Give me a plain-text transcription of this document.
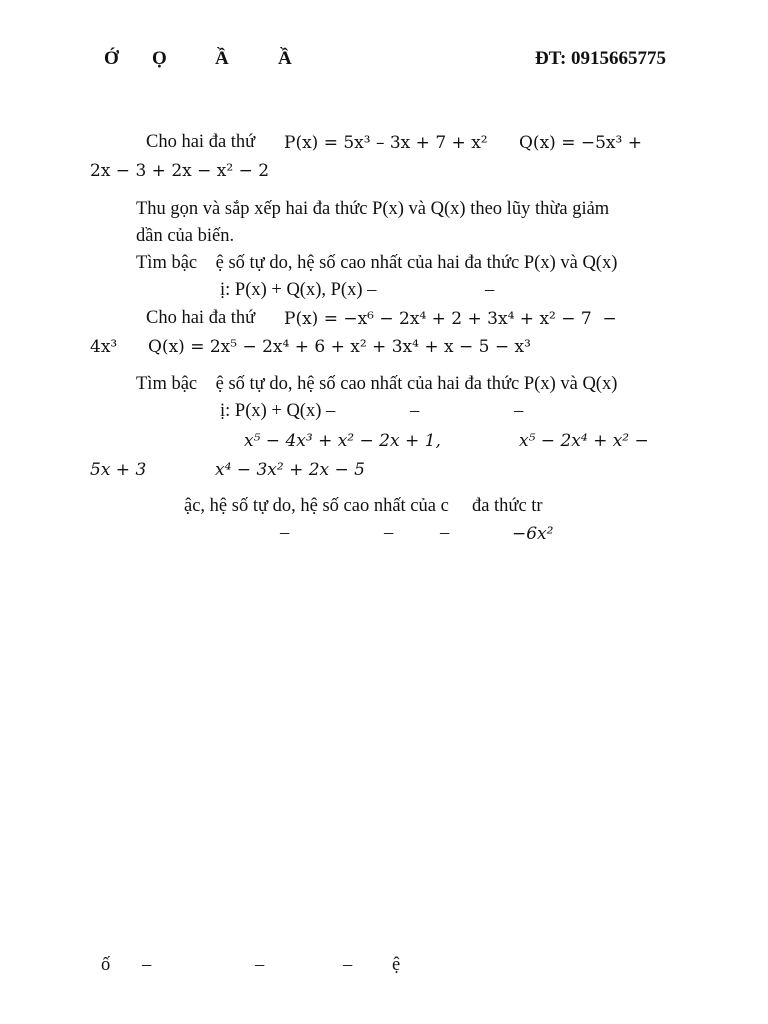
Ớ Ọ	Ầ	Ầ	ĐT: 0915665775
Cho hai đa thứ P(x) = 5x³ – 3x + 7 + x² Q(x) = −5x³ +
2x − 3 + 2x − x² − 2
Thu gọn và sắp xếp hai đa thức P(x) và Q(x) theo lũy thừa giảm
dần của biến.
Tìm bậc    ệ số tự do, hệ số cao nhất của hai đa thức P(x) và Q(x)
ị: P(x) + Q(x), P(x) –	–
Cho hai đa thứ P(x) = −x⁶ − 2x⁴ + 2 + 3x⁴ + x² − 7  −
4x³ Q(x) = 2x⁵ − 2x⁴ + 6 + x² + 3x⁴ + x − 5 − x³
Tìm bậc    ệ số tự do, hệ số cao nhất của hai đa thức P(x) và Q(x)
ị: P(x) + Q(x) –	–	–
x⁵ − 4x³ + x² − 2x + 1,	x⁵ − 2x⁴ + x² −
5x + 3	x⁴ − 3x² + 2x − 5
ậc, hệ số tự do, hệ số cao nhất của c     đa thức tr
–	–	–	−6x²
ố –	–	– ệ
